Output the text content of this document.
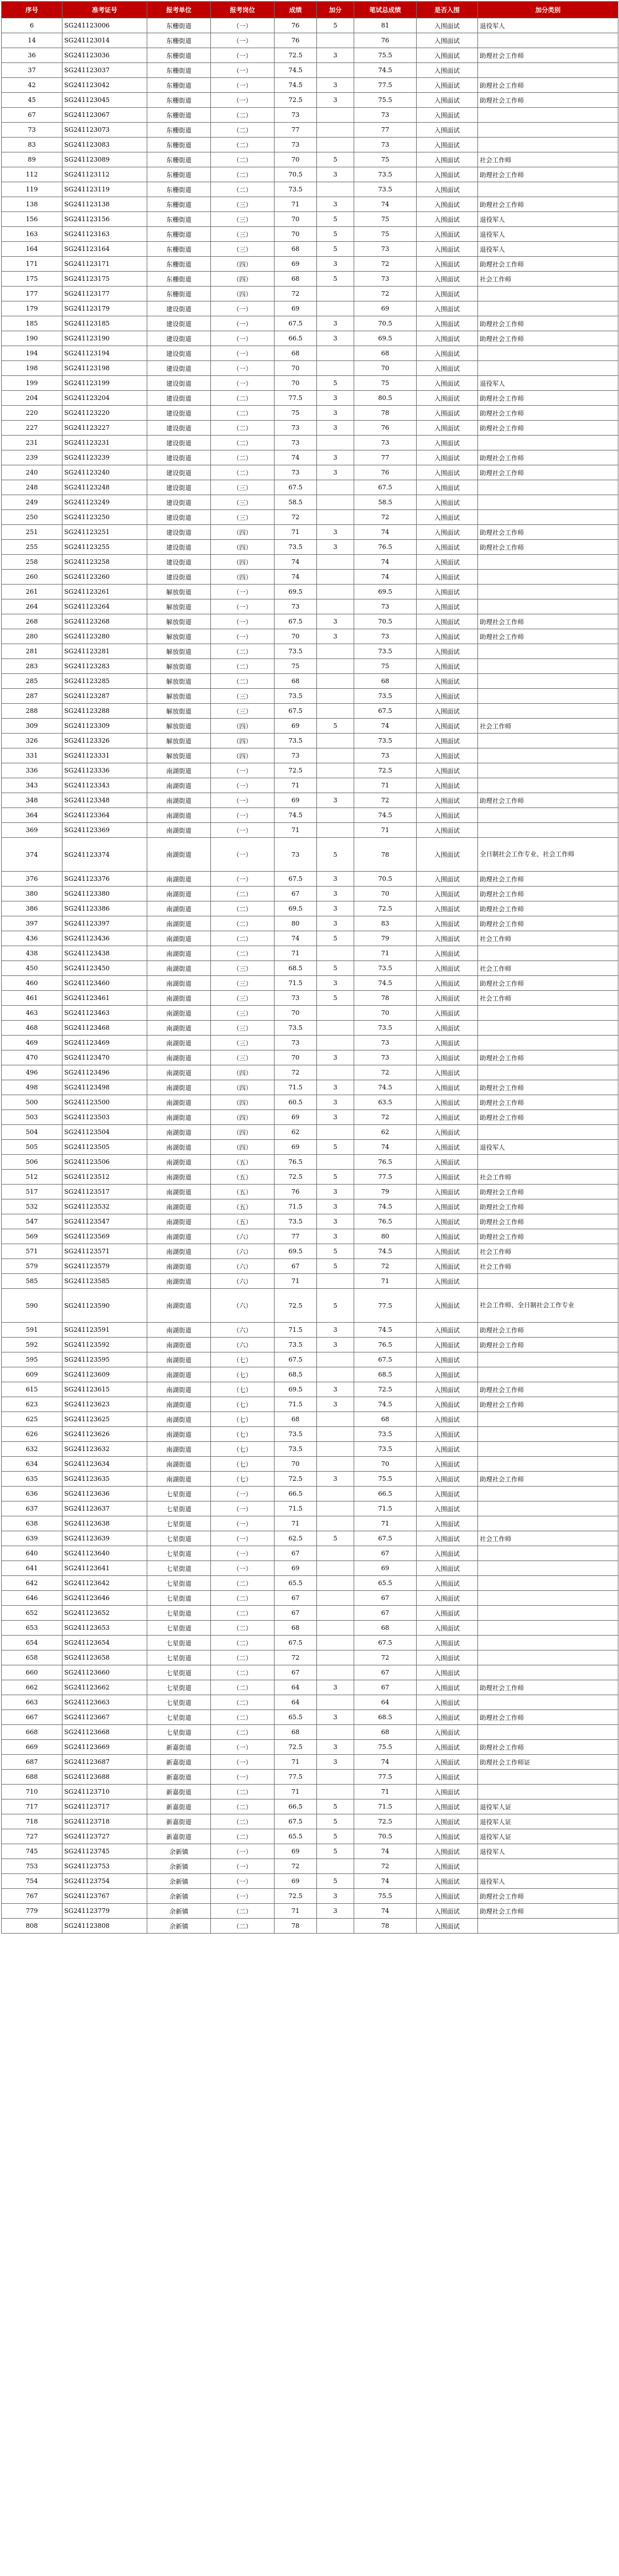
序号	准考证号	报考单位	报考岗位	成绩	加分	笔试总成绩	是否入围	加分类别
6	SG241123006	东栅街道	（一）	76	5	81	入围面试	退役军人
14	SG241123014	东栅街道	（一）	76		76	入围面试	
36	SG241123036	东栅街道	（一）	72.5	3	75.5	入围面试	助理社会工作师
37	SG241123037	东栅街道	（一）	74.5		74.5	入围面试	
42	SG241123042	东栅街道	（一）	74.5	3	77.5	入围面试	助理社会工作师
45	SG241123045	东栅街道	（一）	72.5	3	75.5	入围面试	助理社会工作师
67	SG241123067	东栅街道	（二）	73		73	入围面试	
73	SG241123073	东栅街道	（二）	77		77	入围面试	
83	SG241123083	东栅街道	（二）	73		73	入围面试	
89	SG241123089	东栅街道	（二）	70	5	75	入围面试	社会工作师
112	SG241123112	东栅街道	（二）	70.5	3	73.5	入围面试	助理社会工作师
119	SG241123119	东栅街道	（二）	73.5		73.5	入围面试	
138	SG241123138	东栅街道	（三）	71	3	74	入围面试	助理社会工作师
156	SG241123156	东栅街道	（三）	70	5	75	入围面试	退役军人
163	SG241123163	东栅街道	（三）	70	5	75	入围面试	退役军人
164	SG241123164	东栅街道	（三）	68	5	73	入围面试	退役军人
171	SG241123171	东栅街道	（四）	69	3	72	入围面试	助理社会工作师
175	SG241123175	东栅街道	（四）	68	5	73	入围面试	社会工作师
177	SG241123177	东栅街道	（四）	72		72	入围面试	
179	SG241123179	建设街道	（一）	69		69	入围面试	
185	SG241123185	建设街道	（一）	67.5	3	70.5	入围面试	助理社会工作师
190	SG241123190	建设街道	（一）	66.5	3	69.5	入围面试	助理社会工作师
194	SG241123194	建设街道	（一）	68		68	入围面试	
198	SG241123198	建设街道	（一）	70		70	入围面试	
199	SG241123199	建设街道	（一）	70	5	75	入围面试	退役军人
204	SG241123204	建设街道	（二）	77.5	3	80.5	入围面试	助理社会工作师
220	SG241123220	建设街道	（二）	75	3	78	入围面试	助理社会工作师
227	SG241123227	建设街道	（二）	73	3	76	入围面试	助理社会工作师
231	SG241123231	建设街道	（二）	73		73	入围面试	
239	SG241123239	建设街道	（二）	74	3	77	入围面试	助理社会工作师
240	SG241123240	建设街道	（二）	73	3	76	入围面试	助理社会工作师
248	SG241123248	建设街道	（三）	67.5		67.5	入围面试	
249	SG241123249	建设街道	（三）	58.5		58.5	入围面试	
250	SG241123250	建设街道	（三）	72		72	入围面试	
251	SG241123251	建设街道	（四）	71	3	74	入围面试	助理社会工作师
255	SG241123255	建设街道	（四）	73.5	3	76.5	入围面试	助理社会工作师
258	SG241123258	建设街道	（四）	74		74	入围面试	
260	SG241123260	建设街道	（四）	74		74	入围面试	
261	SG241123261	解放街道	（一）	69.5		69.5	入围面试	
264	SG241123264	解放街道	（一）	73		73	入围面试	
268	SG241123268	解放街道	（一）	67.5	3	70.5	入围面试	助理社会工作师
280	SG241123280	解放街道	（一）	70	3	73	入围面试	助理社会工作师
281	SG241123281	解放街道	（二）	73.5		73.5	入围面试	
283	SG241123283	解放街道	（二）	75		75	入围面试	
285	SG241123285	解放街道	（二）	68		68	入围面试	
287	SG241123287	解放街道	（三）	73.5		73.5	入围面试	
288	SG241123288	解放街道	（三）	67.5		67.5	入围面试	
309	SG241123309	解放街道	（四）	69	5	74	入围面试	社会工作师
326	SG241123326	解放街道	（四）	73.5		73.5	入围面试	
331	SG241123331	解放街道	（四）	73		73	入围面试	
336	SG241123336	南湖街道	（一）	72.5		72.5	入围面试	
343	SG241123343	南湖街道	（一）	71		71	入围面试	
348	SG241123348	南湖街道	（一）	69	3	72	入围面试	助理社会工作师
364	SG241123364	南湖街道	（一）	74.5		74.5	入围面试	
369	SG241123369	南湖街道	（一）	71		71	入围面试	
374	SG241123374	南湖街道	（一）	73	5	78	入围面试	全日制社会工作专业、社会工作师
376	SG241123376	南湖街道	（一）	67.5	3	70.5	入围面试	助理社会工作师
380	SG241123380	南湖街道	（二）	67	3	70	入围面试	助理社会工作师
386	SG241123386	南湖街道	（二）	69.5	3	72.5	入围面试	助理社会工作师
397	SG241123397	南湖街道	（二）	80	3	83	入围面试	助理社会工作师
436	SG241123436	南湖街道	（二）	74	5	79	入围面试	社会工作师
438	SG241123438	南湖街道	（二）	71		71	入围面试	
450	SG241123450	南湖街道	（三）	68.5	5	73.5	入围面试	社会工作师
460	SG241123460	南湖街道	（三）	71.5	3	74.5	入围面试	助理社会工作师
461	SG241123461	南湖街道	（三）	73	5	78	入围面试	社会工作师
463	SG241123463	南湖街道	（三）	70		70	入围面试	
468	SG241123468	南湖街道	（三）	73.5		73.5	入围面试	
469	SG241123469	南湖街道	（三）	73		73	入围面试	
470	SG241123470	南湖街道	（三）	70	3	73	入围面试	助理社会工作师
496	SG241123496	南湖街道	（四）	72		72	入围面试	
498	SG241123498	南湖街道	（四）	71.5	3	74.5	入围面试	助理社会工作师
500	SG241123500	南湖街道	（四）	60.5	3	63.5	入围面试	助理社会工作师
503	SG241123503	南湖街道	（四）	69	3	72	入围面试	助理社会工作师
504	SG241123504	南湖街道	（四）	62		62	入围面试	
505	SG241123505	南湖街道	（四）	69	5	74	入围面试	退役军人
506	SG241123506	南湖街道	（五）	76.5		76.5	入围面试	
512	SG241123512	南湖街道	（五）	72.5	5	77.5	入围面试	社会工作师
517	SG241123517	南湖街道	（五）	76	3	79	入围面试	助理社会工作师
532	SG241123532	南湖街道	（五）	71.5	3	74.5	入围面试	助理社会工作师
547	SG241123547	南湖街道	（五）	73.5	3	76.5	入围面试	助理社会工作师
569	SG241123569	南湖街道	（六）	77	3	80	入围面试	助理社会工作师
571	SG241123571	南湖街道	（六）	69.5	5	74.5	入围面试	社会工作师
579	SG241123579	南湖街道	（六）	67	5	72	入围面试	社会工作师
585	SG241123585	南湖街道	（六）	71		71	入围面试	
590	SG241123590	南湖街道	（六）	72.5	5	77.5	入围面试	社会工作师、全日制社会工作专业
591	SG241123591	南湖街道	（六）	71.5	3	74.5	入围面试	助理社会工作师
592	SG241123592	南湖街道	（六）	73.5	3	76.5	入围面试	助理社会工作师
595	SG241123595	南湖街道	（七）	67.5		67.5	入围面试	
609	SG241123609	南湖街道	（七）	68.5		68.5	入围面试	
615	SG241123615	南湖街道	（七）	69.5	3	72.5	入围面试	助理社会工作师
623	SG241123623	南湖街道	（七）	71.5	3	74.5	入围面试	助理社会工作师
625	SG241123625	南湖街道	（七）	68		68	入围面试	
626	SG241123626	南湖街道	（七）	73.5		73.5	入围面试	
632	SG241123632	南湖街道	（七）	73.5		73.5	入围面试	
634	SG241123634	南湖街道	（七）	70		70	入围面试	
635	SG241123635	南湖街道	（七）	72.5	3	75.5	入围面试	助理社会工作师
636	SG241123636	七星街道	（一）	66.5		66.5	入围面试	
637	SG241123637	七星街道	（一）	71.5		71.5	入围面试	
638	SG241123638	七星街道	（一）	71		71	入围面试	
639	SG241123639	七星街道	（一）	62.5	5	67.5	入围面试	社会工作师
640	SG241123640	七星街道	（一）	67		67	入围面试	
641	SG241123641	七星街道	（一）	69		69	入围面试	
642	SG241123642	七星街道	（二）	65.5		65.5	入围面试	
646	SG241123646	七星街道	（二）	67		67	入围面试	
652	SG241123652	七星街道	（二）	67		67	入围面试	
653	SG241123653	七星街道	（二）	68		68	入围面试	
654	SG241123654	七星街道	（二）	67.5		67.5	入围面试	
658	SG241123658	七星街道	（二）	72		72	入围面试	
660	SG241123660	七星街道	（二）	67		67	入围面试	
662	SG241123662	七星街道	（二）	64	3	67	入围面试	助理社会工作师
663	SG241123663	七星街道	（二）	64		64	入围面试	
667	SG241123667	七星街道	（二）	65.5	3	68.5	入围面试	助理社会工作师
668	SG241123668	七星街道	（二）	68		68	入围面试	
669	SG241123669	新嘉街道	（一）	72.5	3	75.5	入围面试	助理社会工作师
687	SG241123687	新嘉街道	（一）	71	3	74	入围面试	助理社会工作师证
688	SG241123688	新嘉街道	（一）	77.5		77.5	入围面试	
710	SG241123710	新嘉街道	（二）	71		71	入围面试	
717	SG241123717	新嘉街道	（二）	66.5	5	71.5	入围面试	退役军人证
718	SG241123718	新嘉街道	（二）	67.5	5	72.5	入围面试	退役军人证
727	SG241123727	新嘉街道	（二）	65.5	5	70.5	入围面试	退役军人证
745	SG241123745	余新镇	（一）	69	5	74	入围面试	退役军人
753	SG241123753	余新镇	（一）	72		72	入围面试	
754	SG241123754	余新镇	（一）	69	5	74	入围面试	退役军人
767	SG241123767	余新镇	（一）	72.5	3	75.5	入围面试	助理社会工作师
779	SG241123779	余新镇	（二）	71	3	74	入围面试	助理社会工作师
808	SG241123808	余新镇	（二）	78		78	入围面试	
